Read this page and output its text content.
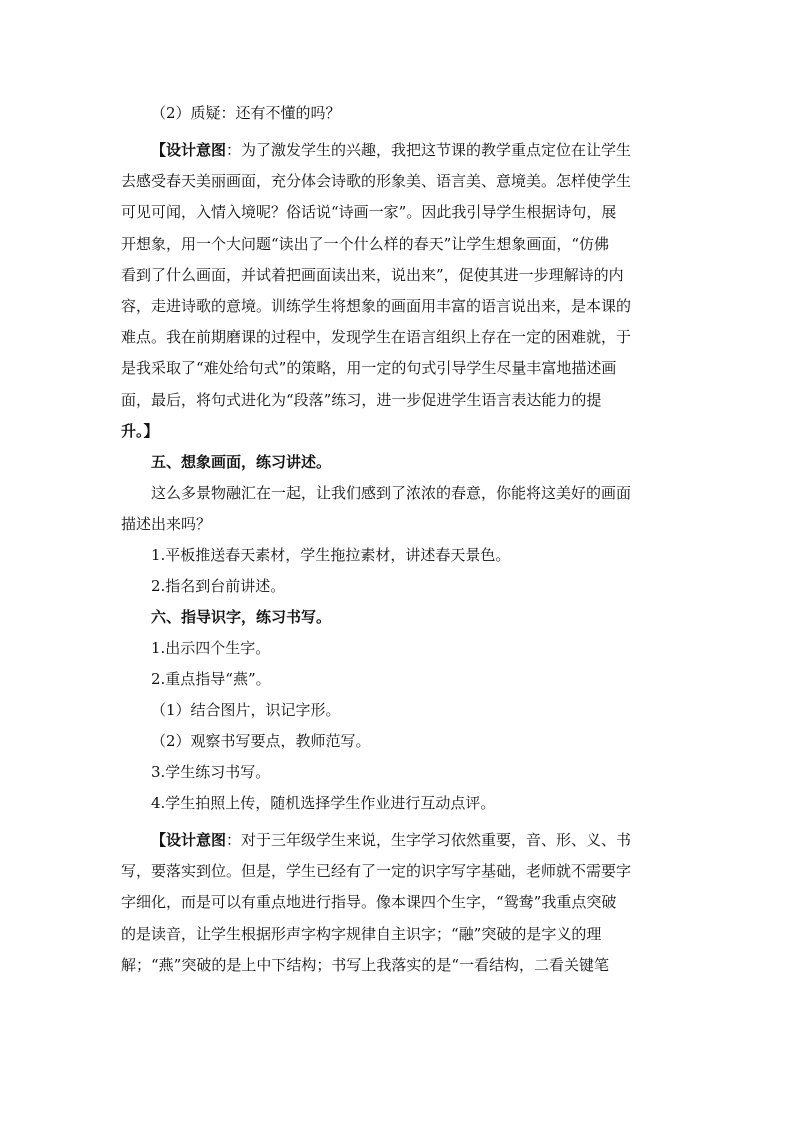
（2）质疑：还有不懂的吗？
【设计意图：为了激发学生的兴趣，我把这节课的教学重点定位在让学生
去感受春天美丽画面，充分体会诗歌的形象美、语言美、意境美。怎样使学生
可见可闻，入情入境呢？俗话说“诗画一家”。因此我引导学生根据诗句，展
开想象，用一个大问题“读出了一个什么样的春天”让学生想象画面，“仿佛
看到了什么画面，并试着把画面读出来，说出来”，促使其进一步理解诗的内
容，走进诗歌的意境。训练学生将想象的画面用丰富的语言说出来，是本课的
难点。我在前期磨课的过程中，发现学生在语言组织上存在一定的困难就，于
是我采取了“难处给句式”的策略，用一定的句式引导学生尽量丰富地描述画
面，最后，将句式进化为“段落”练习，进一步促进学生语言表达能力的提
升。】
五、想象画面，练习讲述。
这么多景物融汇在一起，让我们感到了浓浓的春意，你能将这美好的画面
描述出来吗？
1.平板推送春天素材，学生拖拉素材，讲述春天景色。
2.指名到台前讲述。
六、指导识字，练习书写。
1.出示四个生字。
2.重点指导“燕”。
（1）结合图片，识记字形。
（2）观察书写要点，教师范写。
3.学生练习书写。
4.学生拍照上传，随机选择学生作业进行互动点评。
【设计意图：对于三年级学生来说，生字学习依然重要，音、形、义、书
写，要落实到位。但是，学生已经有了一定的识字写字基础，老师就不需要字
字细化，而是可以有重点地进行指导。像本课四个生字，“鸳鸯”我重点突破
的是读音，让学生根据形声字构字规律自主识字；“融”突破的是字义的理
解；“燕”突破的是上中下结构；书写上我落实的是“一看结构，二看关键笔
